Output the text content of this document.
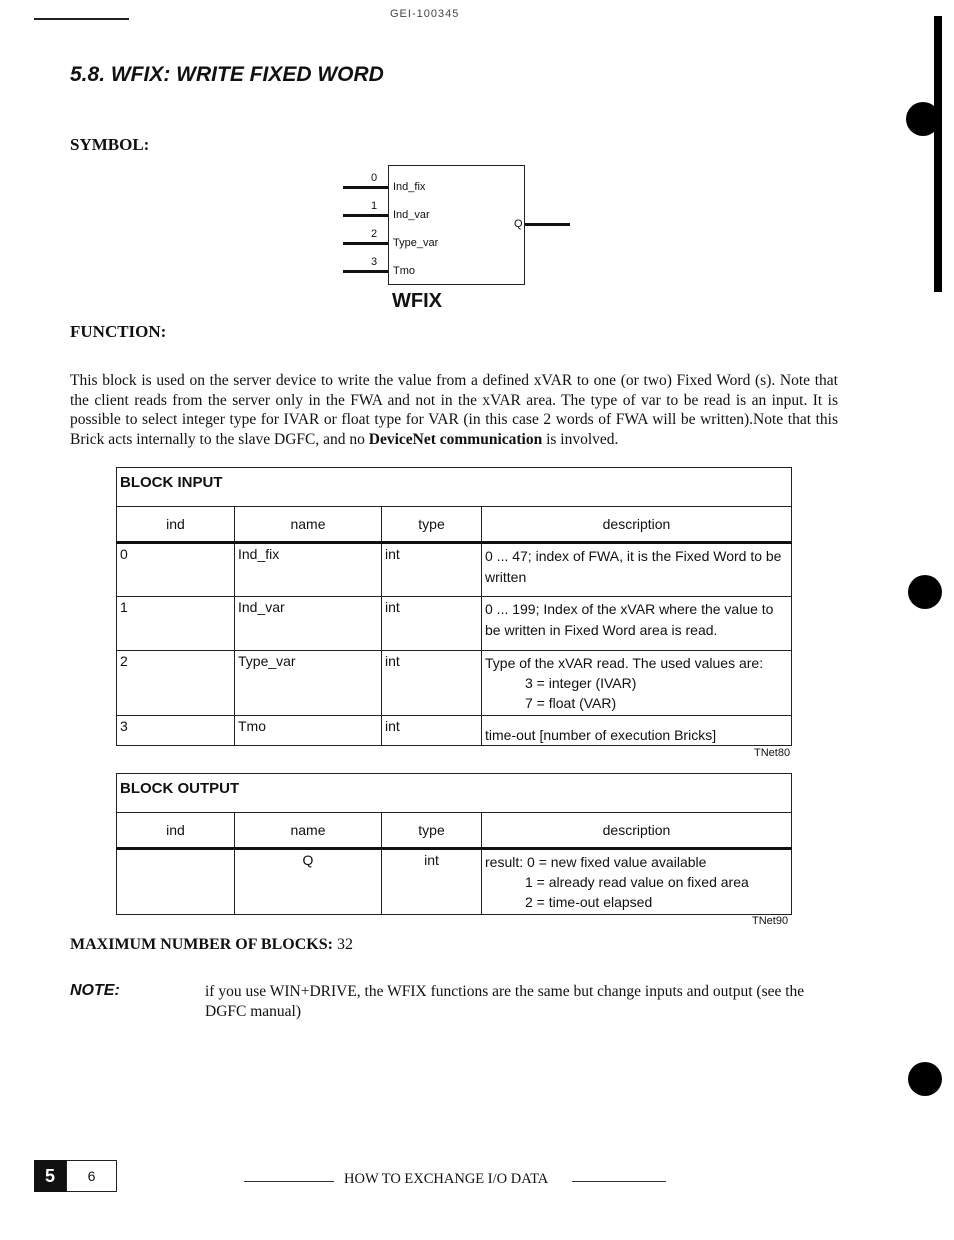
GEI-100345
5.8. WFIX: WRITE FIXED WORD
SYMBOL:
0
Ind_fix
1
Ind_var
2
Type_var
3
Tmo
Q
WFIX
FUNCTION:
This block is used on the server device to write the value from a defined xVAR to one (or two) Fixed Word (s). Note that the client reads from the server only in the FWA and not in the xVAR area. The type of var to be read is an input. It is possible to select integer type for IVAR or float type for VAR (in this case 2 words of FWA will be written).Note that this Brick acts internally to the slave DGFC, and no DeviceNet communication is involved.
BLOCK INPUT			
ind	name	type	description
0	Ind_fix	int	0 ... 47; index of FWA, it is the Fixed Word to be written
1	Ind_var	int	0 ... 199; Index of the xVAR where the value to be written in Fixed Word area is read.
2	Type_var	int	Type of the xVAR read. The used values are:
3 = integer (IVAR)
7 = float (VAR)

3	Tmo	int	time-out [number of execution Bricks]
TNet80
BLOCK OUTPUT			
ind	name	type	description
	Q	int	result: 0 = new fixed value available
1 = already read value on fixed area
2 = time-out elapsed
TNet90
MAXIMUM NUMBER OF BLOCKS: 32
NOTE:	if you use WIN+DRIVE, the WFIX functions are the same but change inputs and output (see the DGFC manual)
5	6	HOW TO EXCHANGE I/O DATA
